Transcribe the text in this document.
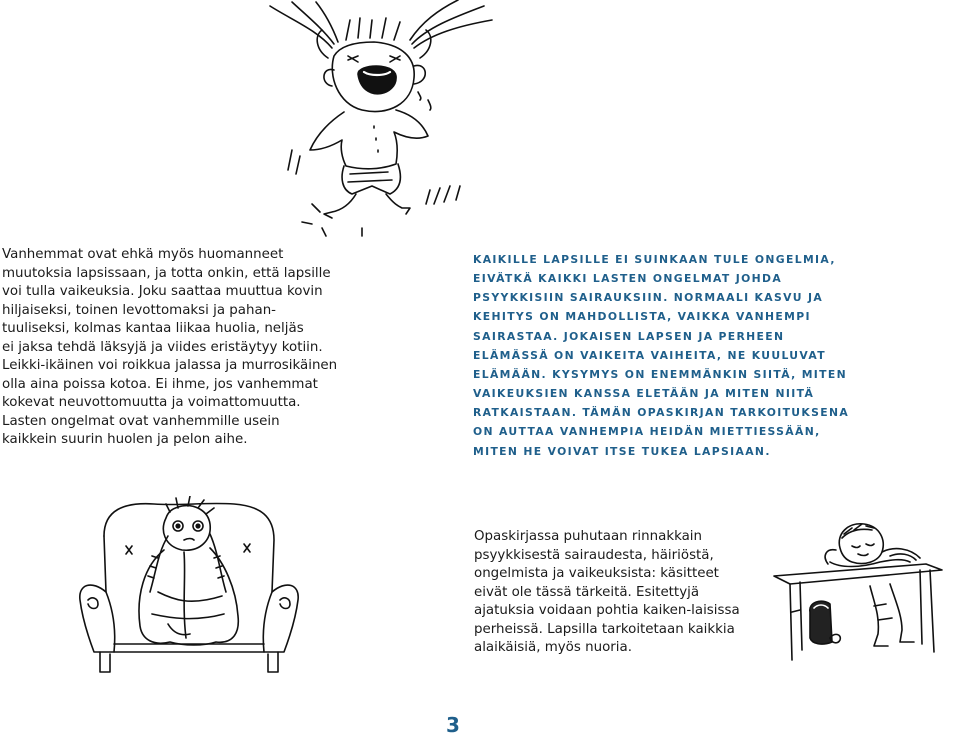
Vanhemmat ovat ehkä myös huomanneet
muutoksia lapsissaan, ja totta onkin, että lapsille
voi tulla vaikeuksia. Joku saattaa muuttua kovin
hiljaiseksi, toinen levottomaksi ja pahan-
tuuliseksi, kolmas kantaa liikaa huolia, neljäs
ei jaksa tehdä läksyjä ja viides eristäytyy kotiin.
Leikki-ikäinen voi roikkua jalassa ja murrosikäinen
olla aina poissa kotoa. Ei ihme, jos vanhemmat
kokevat neuvottomuutta ja voimattomuutta.
Lasten ongelmat ovat vanhemmille usein
kaikkein suurin huolen ja pelon aihe.
KAIKILLE LAPSILLE EI SUINKAAN TULE ONGELMIA,
EIVÄTKÄ KAIKKI LASTEN ONGELMAT JOHDA
PSYYKKISIIN SAIRAUKSIIN. NORMAALI KASVU JA
KEHITYS ON MAHDOLLISTA, VAIKKA VANHEMPI
SAIRASTAA. JOKAISEN LAPSEN JA PERHEEN
ELÄMÄSSÄ ON VAIKEITA VAIHEITA, NE KUULUVAT
ELÄMÄÄN. KYSYMYS ON ENEMMÄNKIN SIITÄ, MITEN
VAIKEUKSIEN KANSSA ELETÄÄN JA MITEN NIITÄ
RATKAISTAAN. TÄMÄN OPASKIRJAN TARKOITUKSENA
ON AUTTAA VANHEMPIA HEIDÄN MIETTIESSÄÄN,
MITEN HE VOIVAT ITSE TUKEA LAPSIAAN.
Opaskirjassa puhutaan rinnakkain
psyykkisestä sairaudesta, häiriöstä,
ongelmista ja vaikeuksista: käsitteet
eivät ole tässä tärkeitä. Esitettyjä
ajatuksia voidaan pohtia kaiken-laisissa
perheissä. Lapsilla tarkoitetaan kaikkia
alaikäisiä, myös nuoria.
3
